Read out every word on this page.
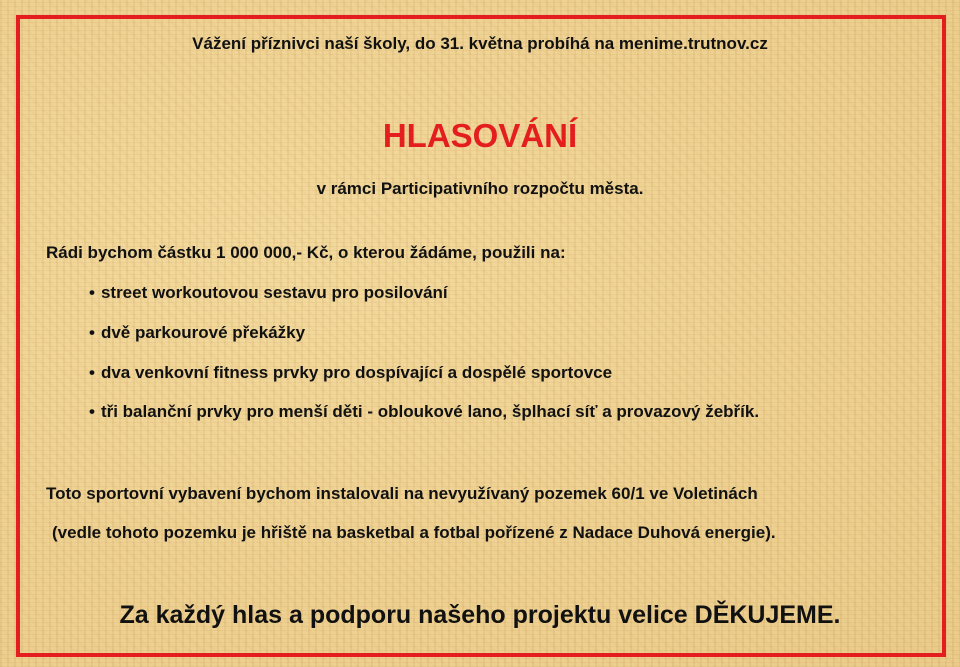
Vážení příznivci naší školy, do 31. května probíhá na menime.trutnov.cz
HLASOVÁNÍ
v rámci Participativního rozpočtu města.
Rádi bychom částku 1 000 000,- Kč, o kterou žádáme, použili na:
• street workoutovou sestavu pro posilování
• dvě parkourové překážky
• dva venkovní fitness prvky pro dospívající a dospělé sportovce
• tři balanční prvky pro menší děti - obloukové lano, šplhací síť a provazový žebřík.
Toto sportovní vybavení bychom instalovali na nevyužívaný pozemek 60/1 ve Voletinách
(vedle tohoto pozemku je hřiště na basketbal a fotbal pořízené z Nadace Duhová energie).
Za každý hlas a podporu našeho projektu velice DĚKUJEME.
